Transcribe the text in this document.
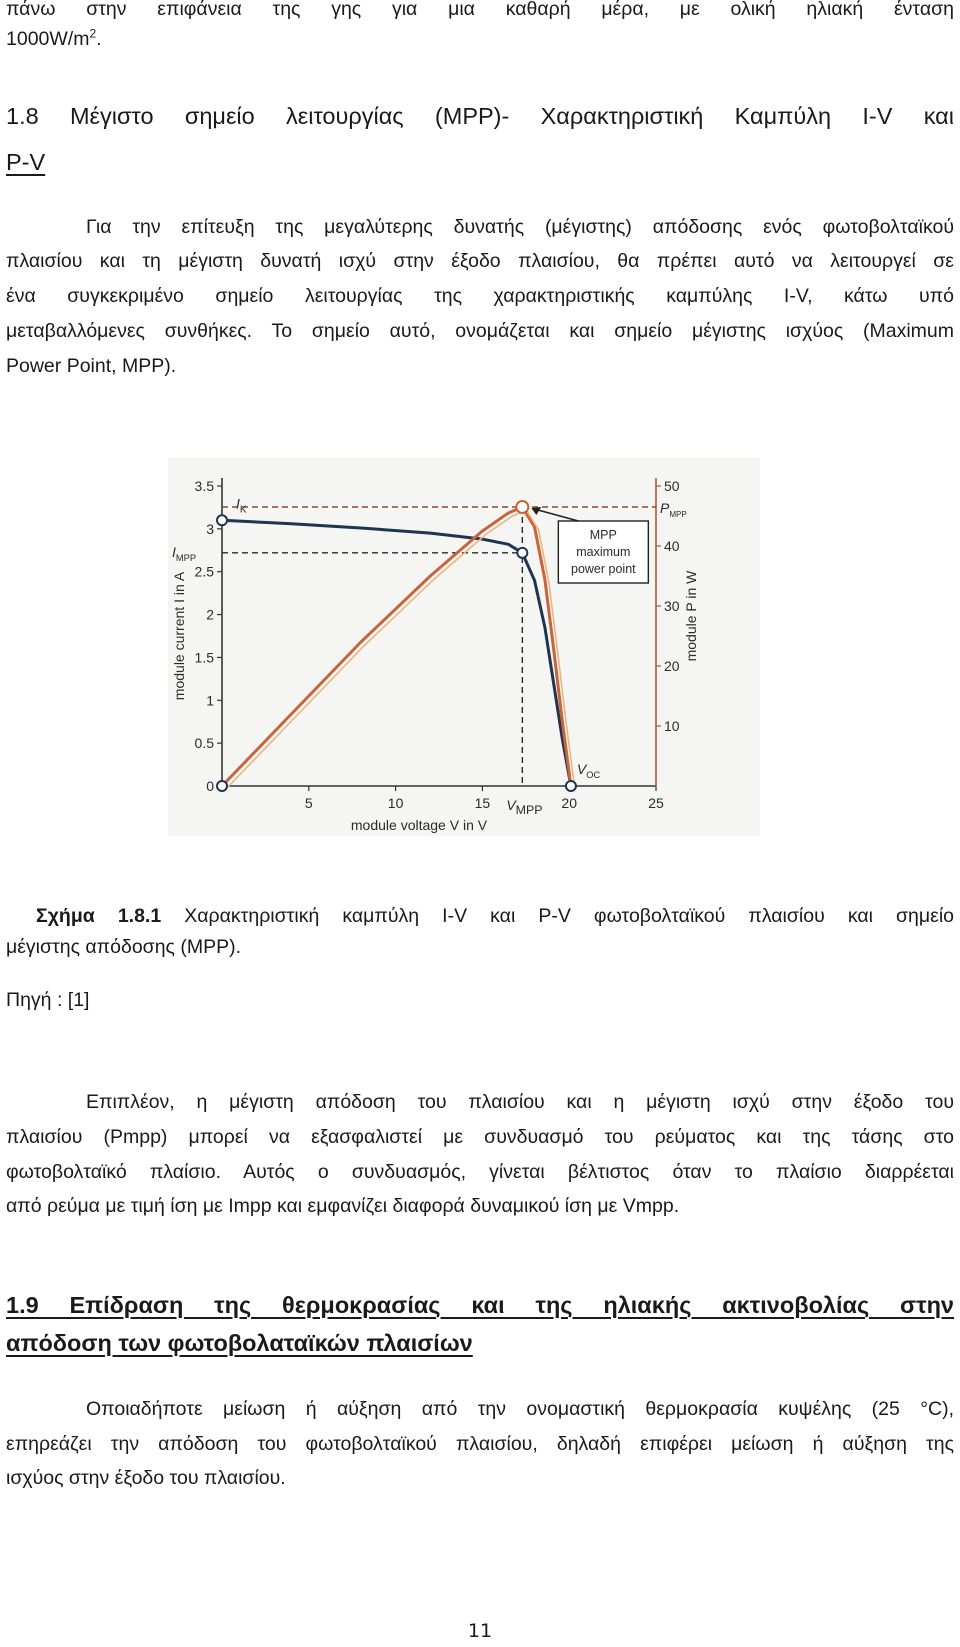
πάνω στην επιφάνεια της γης για μια καθαρή μέρα, με ολική ηλιακή ένταση
$1000W/m^2$.
1.8 Μέγιστο σημείο λειτουργίας (MPP)- Χαρακτηριστική Καμπύλη I-V και
P-V
Για την επίτευξη της μεγαλύτερης δυνατής (μέγιστης) απόδοσης ενός φωτοβολταϊκού
πλαισίου και τη μέγιστη δυνατή ισχύ στην έξοδο πλαισίου, θα πρέπει αυτό να λειτουργεί σε
ένα συγκεκριμένο σημείο λειτουργίας της χαρακτηριστικής καμπύλης I-V, κάτω υπό
μεταβαλλόμενες συνθήκες. Το σημείο αυτό, ονομάζεται και σημείο μέγιστης ισχύος (Maximum
Power Point, MPP).
0
0.5
1
1.5
2
2.5
3
3.5
10
20
30
40
50
5	10	15	20	25
module voltage V in V
module current I in A	module P in W
$I_K$
$I_{MPP}$
VMPP
$V_{OC}$
$P_{MPP}$
MPP
maximum
power point
Σχήμα 1.8.1 Χαρακτηριστική καμπύλη I-V και P-V φωτοβολταϊκού πλαισίου και σημείο
μέγιστης απόδοσης (MPP).
Πηγή : [1]
Επιπλέον, η μέγιστη απόδοση του πλαισίου και η μέγιστη ισχύ στην έξοδο του
πλαισίου (Pmpp) μπορεί να εξασφαλιστεί με συνδυασμό του ρεύματος και της τάσης στο
φωτοβολταϊκό πλαίσιο. Αυτός ο συνδυασμός, γίνεται βέλτιστος όταν το πλαίσιο διαρρέεται
από ρεύμα με τιμή ίση με Impp και εμφανίζει διαφορά δυναμικού ίση με Vmpp.
1.9 Επίδραση της θερμοκρασίας και της ηλιακής ακτινοβολίας στην
απόδοση των φωτοβολαταϊκών πλαισίων
Οποιαδήποτε μείωση ή αύξηση από την ονομαστική θερμοκρασία κυψέλης (25 °C),
επηρεάζει την απόδοση του φωτοβολταϊκού πλαισίου, δηλαδή επιφέρει μείωση ή αύξηση της
ισχύος στην έξοδο του πλαισίου.
11
